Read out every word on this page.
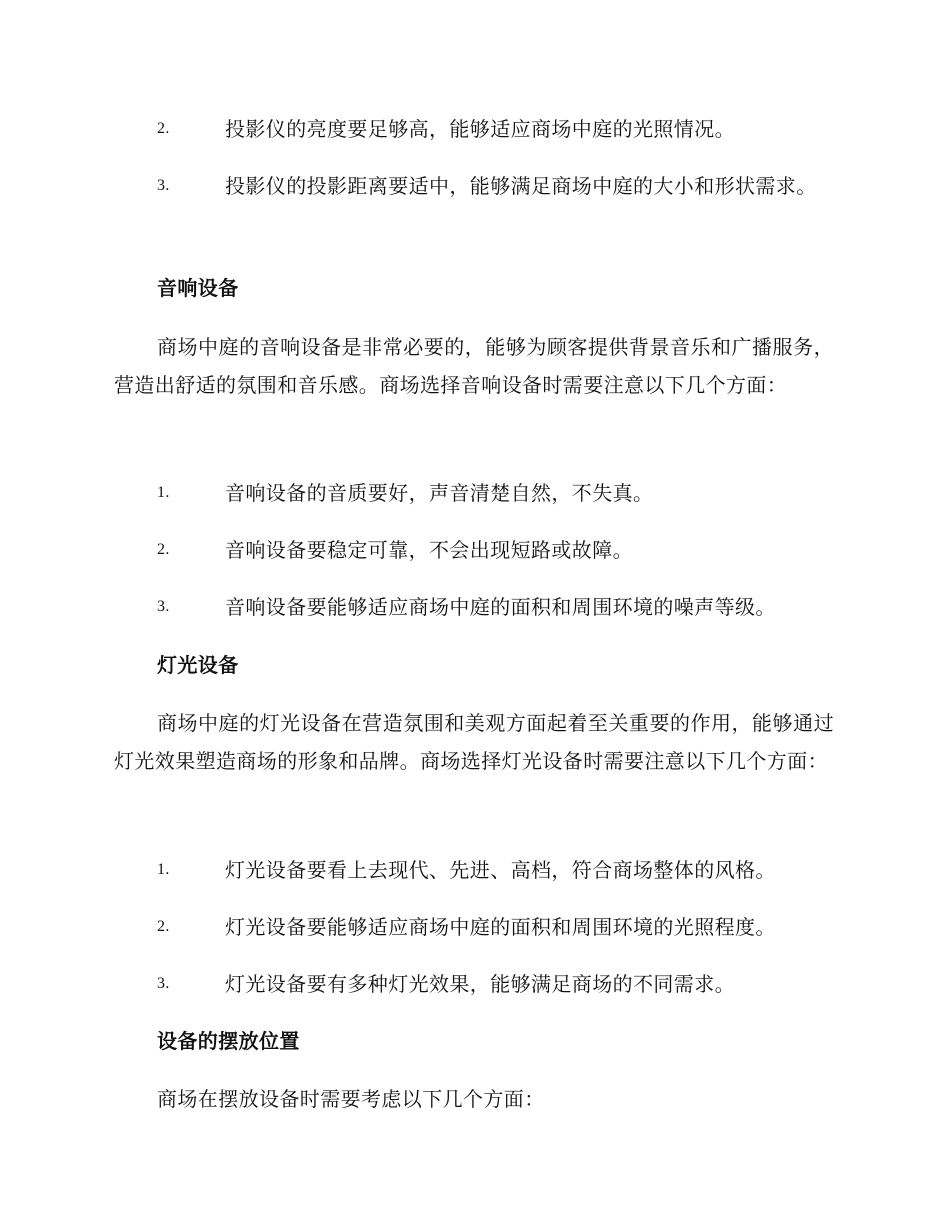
2.	投影仪的亮度要足够高，能够适应商场中庭的光照情况。
3.	投影仪的投影距离要适中，能够满足商场中庭的大小和形状需求。
音响设备
商场中庭的音响设备是非常必要的，能够为顾客提供背景音乐和广播服务，营造出舒适的氛围和音乐感。商场选择音响设备时需要注意以下几个方面：
1.	音响设备的音质要好，声音清楚自然，不失真。
2.	音响设备要稳定可靠，不会出现短路或故障。
3.	音响设备要能够适应商场中庭的面积和周围环境的噪声等级。
灯光设备
商场中庭的灯光设备在营造氛围和美观方面起着至关重要的作用，能够通过灯光效果塑造商场的形象和品牌。商场选择灯光设备时需要注意以下几个方面：
1.	灯光设备要看上去现代、先进、高档，符合商场整体的风格。
2.	灯光设备要能够适应商场中庭的面积和周围环境的光照程度。
3.	灯光设备要有多种灯光效果，能够满足商场的不同需求。
设备的摆放位置
商场在摆放设备时需要考虑以下几个方面：
